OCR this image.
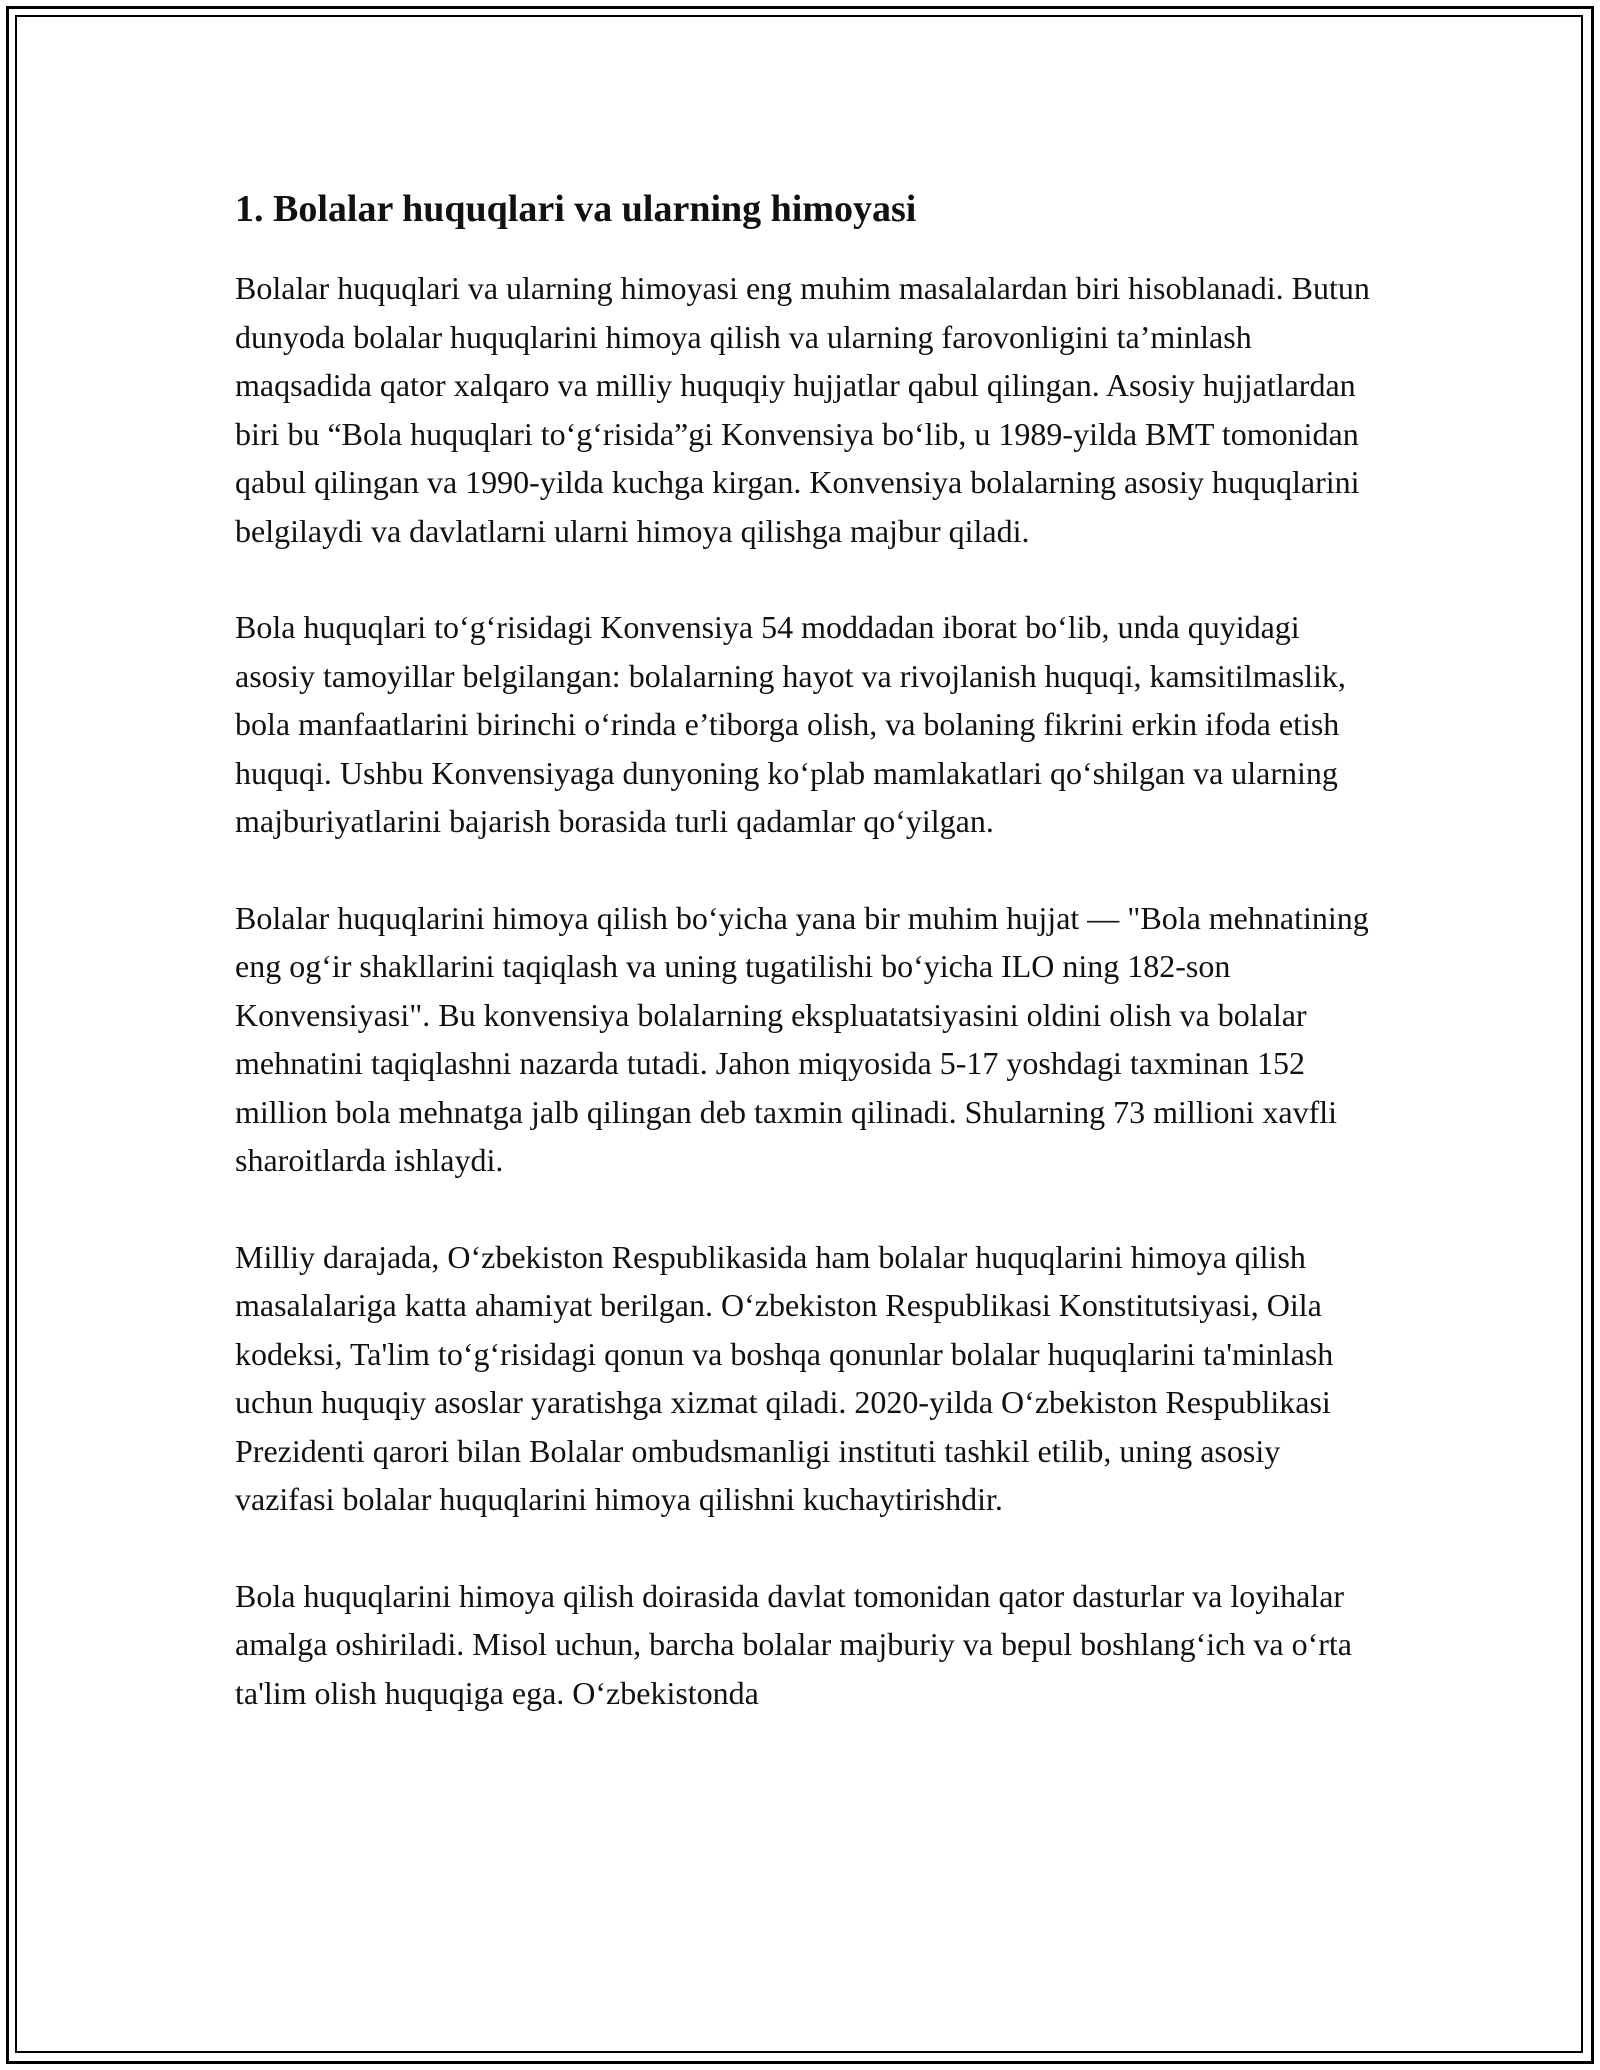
1. Bolalar huquqlari va ularning himoyasi

Bolalar huquqlari va ularning himoyasi eng muhim masalalardan biri hisoblanadi. Butun dunyoda bolalar huquqlarini himoya qilish va ularning farovonligini ta’minlash maqsadida qator xalqaro va milliy huquqiy hujjatlar qabul qilingan. Asosiy hujjatlardan biri bu “Bola huquqlari to‘g‘risida”gi Konvensiya bo‘lib, u 1989-yilda BMT tomonidan qabul qilingan va 1990-yilda kuchga kirgan. Konvensiya bolalarning asosiy huquqlarini belgilaydi va davlatlarni ularni himoya qilishga majbur qiladi.

Bola huquqlari to‘g‘risidagi Konvensiya 54 moddadan iborat bo‘lib, unda quyidagi asosiy tamoyillar belgilangan: bolalarning hayot va rivojlanish huquqi, kamsitilmaslik, bola manfaatlarini birinchi o‘rinda e’tiborga olish, va bolaning fikrini erkin ifoda etish huquqi. Ushbu Konvensiyaga dunyoning ko‘plab mamlakatlari qo‘shilgan va ularning majburiyatlarini bajarish borasida turli qadamlar qo‘yilgan.

Bolalar huquqlarini himoya qilish bo‘yicha yana bir muhim hujjat — "Bola mehnatining eng og‘ir shakllarini taqiqlash va uning tugatilishi bo‘yicha ILO ning 182-son Konvensiyasi". Bu konvensiya bolalarning ekspluatatsiyasini oldini olish va bolalar mehnatini taqiqlashni nazarda tutadi. Jahon miqyosida 5-17 yoshdagi taxminan 152 million bola mehnatga jalb qilingan deb taxmin qilinadi. Shularning 73 millioni xavfli sharoitlarda ishlaydi.

Milliy darajada, O‘zbekiston Respublikasida ham bolalar huquqlarini himoya qilish masalalariga katta ahamiyat berilgan. O‘zbekiston Respublikasi Konstitutsiyasi, Oila kodeksi, Ta'lim to‘g‘risidagi qonun va boshqa qonunlar bolalar huquqlarini ta'minlash uchun huquqiy asoslar yaratishga xizmat qiladi. 2020-yilda O‘zbekiston Respublikasi Prezidenti qarori bilan Bolalar ombudsmanligi instituti tashkil etilib, uning asosiy vazifasi bolalar huquqlarini himoya qilishni kuchaytirishdir.

Bola huquqlarini himoya qilish doirasida davlat tomonidan qator dasturlar va loyihalar amalga oshiriladi. Misol uchun, barcha bolalar majburiy va bepul boshlang‘ich va o‘rta ta'lim olish huquqiga ega. O‘zbekistonda
